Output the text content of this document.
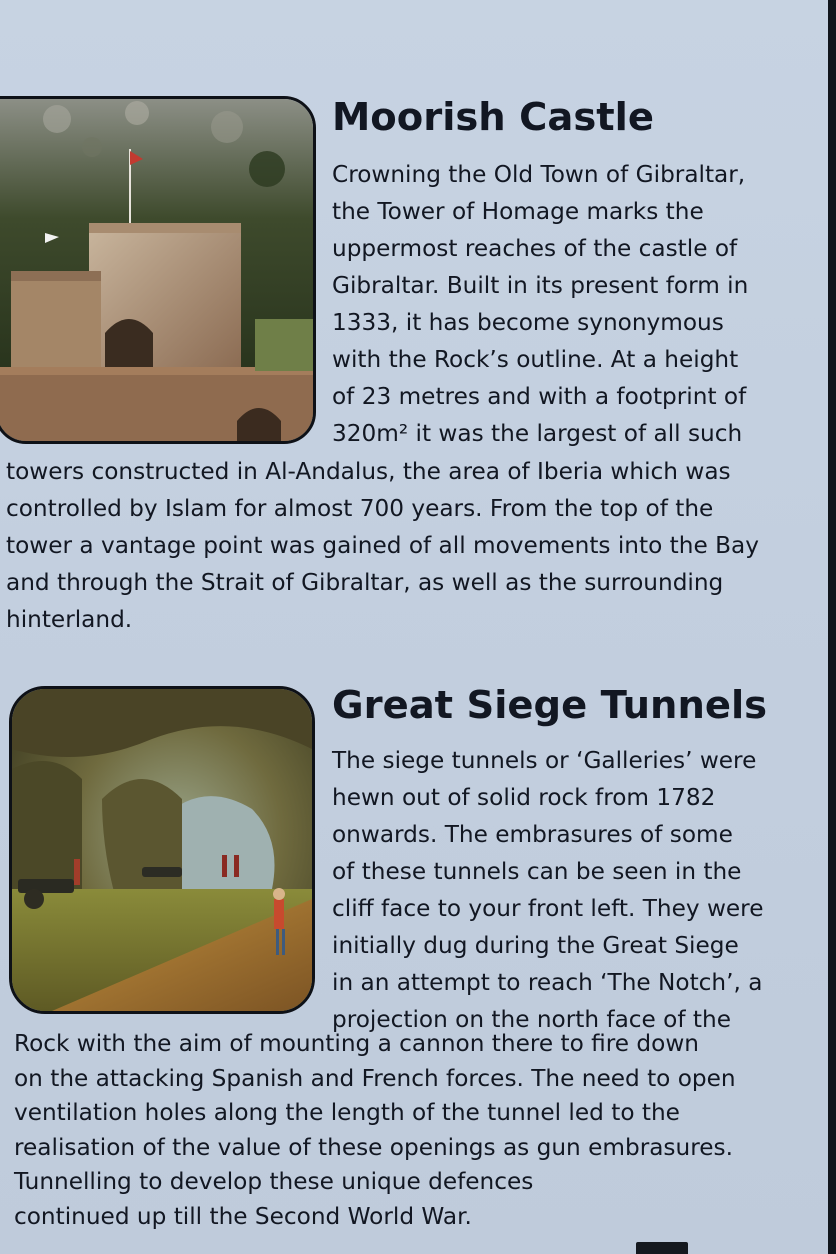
Moorish Castle
Crowning the Old Town of Gibraltar,
the Tower of Homage marks the
uppermost reaches of the castle of
Gibraltar. Built in its present form in
1333, it has become synonymous
with the Rock’s outline. At a height
of 23 metres and with a footprint of
320m² it was the largest of all such
towers constructed in Al-Andalus, the area of Iberia which was
controlled by Islam for almost 700 years. From the top of the
tower a vantage point was gained of all movements into the Bay
and through the Strait of Gibraltar, as well as the surrounding
hinterland.
Great Siege Tunnels
The siege tunnels or ‘Galleries’ were
hewn out of solid rock from 1782
onwards. The embrasures of some
of these tunnels can be seen in the
cliff face to your front left. They were
initially dug during the Great Siege
in an attempt to reach ‘The Notch’, a
projection on the north face of the
Rock with the aim of mounting a cannon there to fire down
on the attacking Spanish and French forces. The need to open
ventilation holes along the length of the tunnel led to the
realisation of the value of these openings as gun embrasures.
Tunnelling to develop these unique defences
continued up till the Second World War.
